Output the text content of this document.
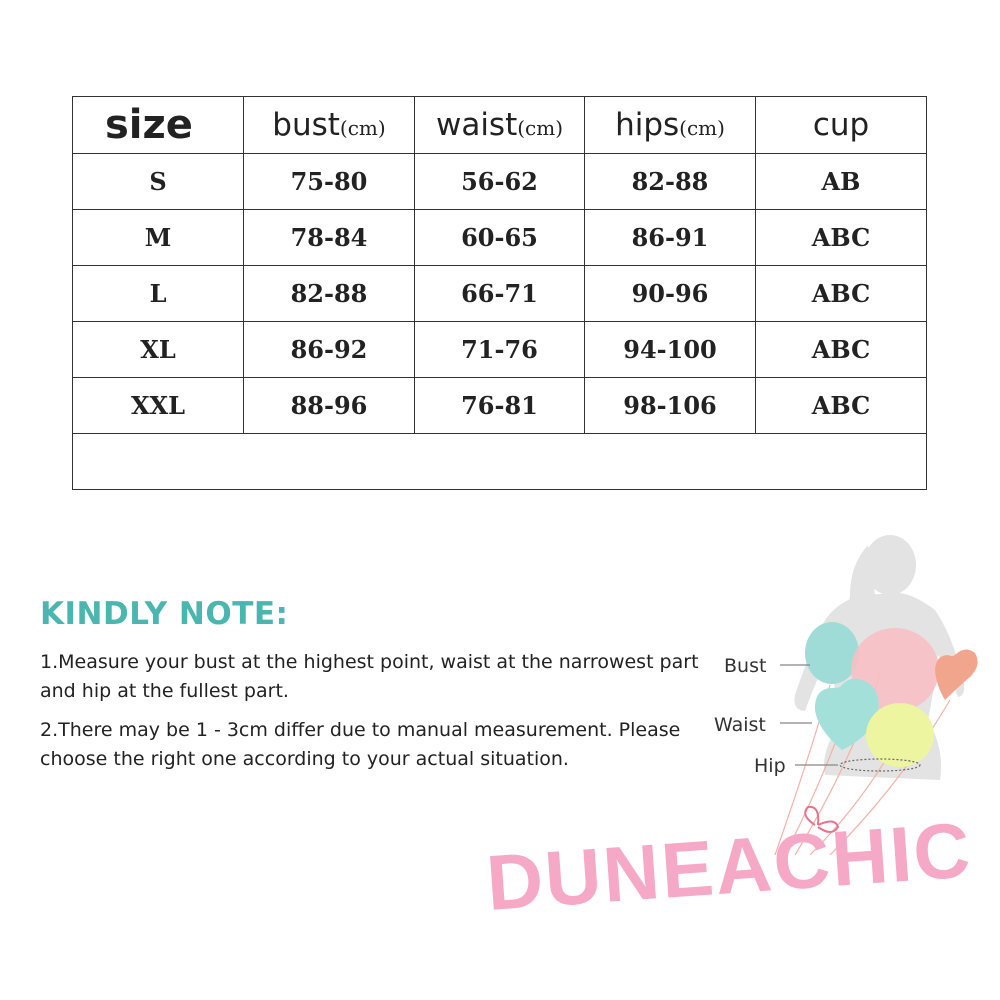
size	bust(cm)	waist(cm)	hips(cm)	cup
S	75-80	56-62	82-88	AB
M	78-84	60-65	86-91	ABC
L	82-88	66-71	90-96	ABC
XL	86-92	71-76	94-100	ABC
XXL	88-96	76-81	98-106	ABC

KINDLY NOTE:
1.Measure your bust at the highest point, waist at the narrowest part and hip at the fullest part.
2.There may be 1 - 3cm differ due to manual measurement. Please choose the right one according to your actual situation.
Bust
Waist
Hip
DUNEACHIC
